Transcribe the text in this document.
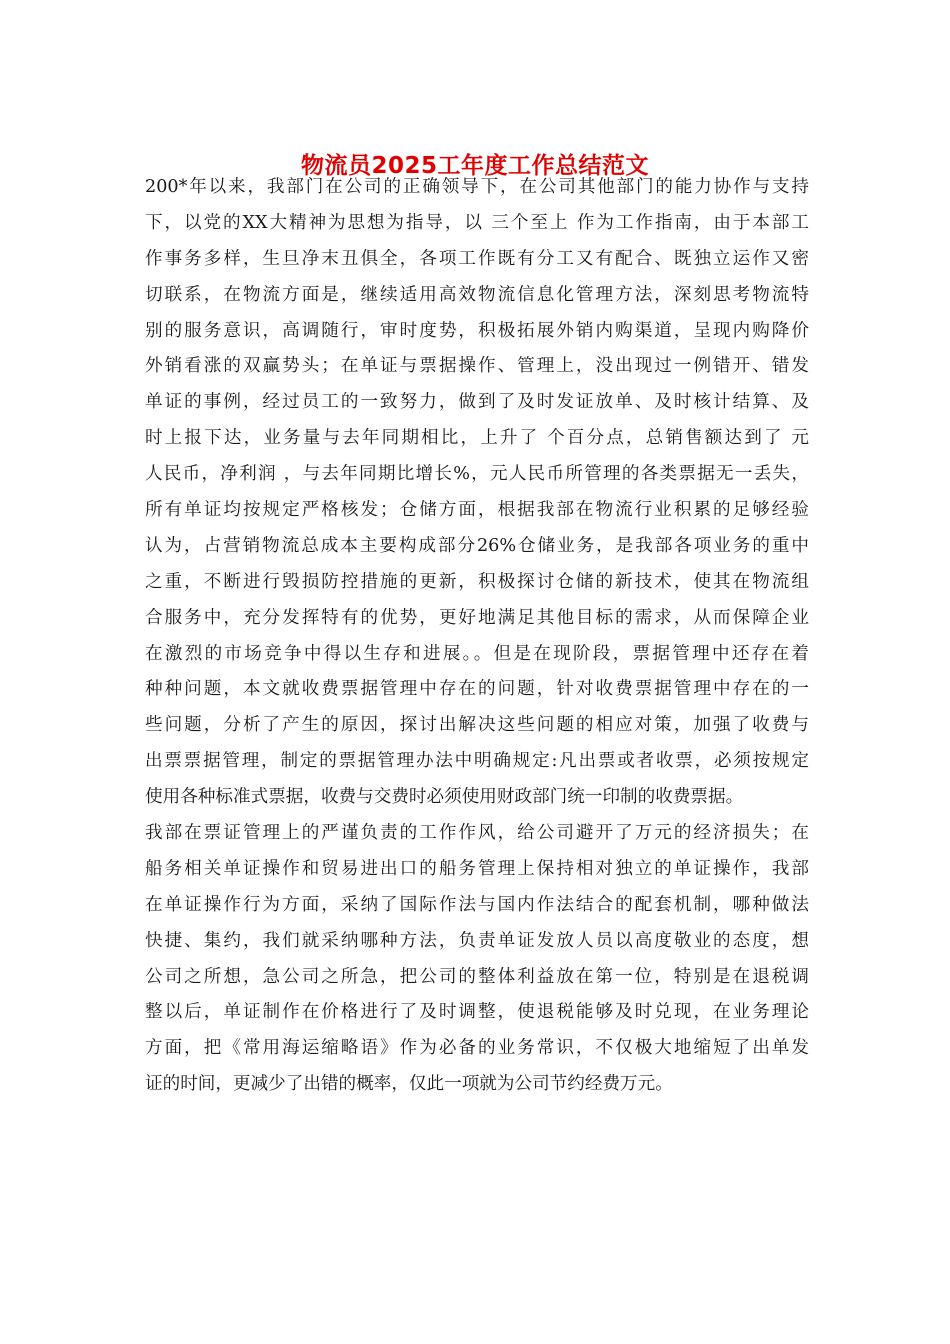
物流员2025工年度工作总结范文
200*年以来，我部门在公司的正确领导下，在公司其他部门的能力协作与支持
下，以党的XX大精神为思想为指导，以 三个至上 作为工作指南，由于本部工
作事务多样，生旦净末丑俱全，各项工作既有分工又有配合、既独立运作又密
切联系，在物流方面是，继续适用高效物流信息化管理方法，深刻思考物流特
别的服务意识，高调随行，审时度势，积极拓展外销内购渠道，呈现内购降价
外销看涨的双赢势头；在单证与票据操作、管理上，没出现过一例错开、错发
单证的事例，经过员工的一致努力，做到了及时发证放单、及时核计结算、及
时上报下达，业务量与去年同期相比，上升了 个百分点，总销售额达到了 元
人民币，净利润 ，与去年同期比增长%，元人民币所管理的各类票据无一丢失，
所有单证均按规定严格核发；仓储方面，根据我部在物流行业积累的足够经验
认为，占营销物流总成本主要构成部分26%仓储业务，是我部各项业务的重中
之重，不断进行毁损防控措施的更新，积极探讨仓储的新技术，使其在物流组
合服务中，充分发挥特有的优势，更好地满足其他目标的需求，从而保障企业
在激烈的市场竞争中得以生存和进展。。但是在现阶段，票据管理中还存在着
种种问题，本文就收费票据管理中存在的问题，针对收费票据管理中存在的一
些问题，分析了产生的原因，探讨出解决这些问题的相应对策，加强了收费与
出票票据管理，制定的票据管理办法中明确规定:凡出票或者收票，必须按规定
使用各种标准式票据，收费与交费时必须使用财政部门统一印制的收费票据。
我部在票证管理上的严谨负责的工作作风，给公司避开了万元的经济损失；在
船务相关单证操作和贸易进出口的船务管理上保持相对独立的单证操作，我部
在单证操作行为方面，采纳了国际作法与国内作法结合的配套机制，哪种做法
快捷、集约，我们就采纳哪种方法，负责单证发放人员以高度敬业的态度，想
公司之所想，急公司之所急，把公司的整体利益放在第一位，特别是在退税调
整以后，单证制作在价格进行了及时调整，使退税能够及时兑现，在业务理论
方面，把《常用海运缩略语》作为必备的业务常识，不仅极大地缩短了出单发
证的时间，更减少了出错的概率，仅此一项就为公司节约经费万元。
